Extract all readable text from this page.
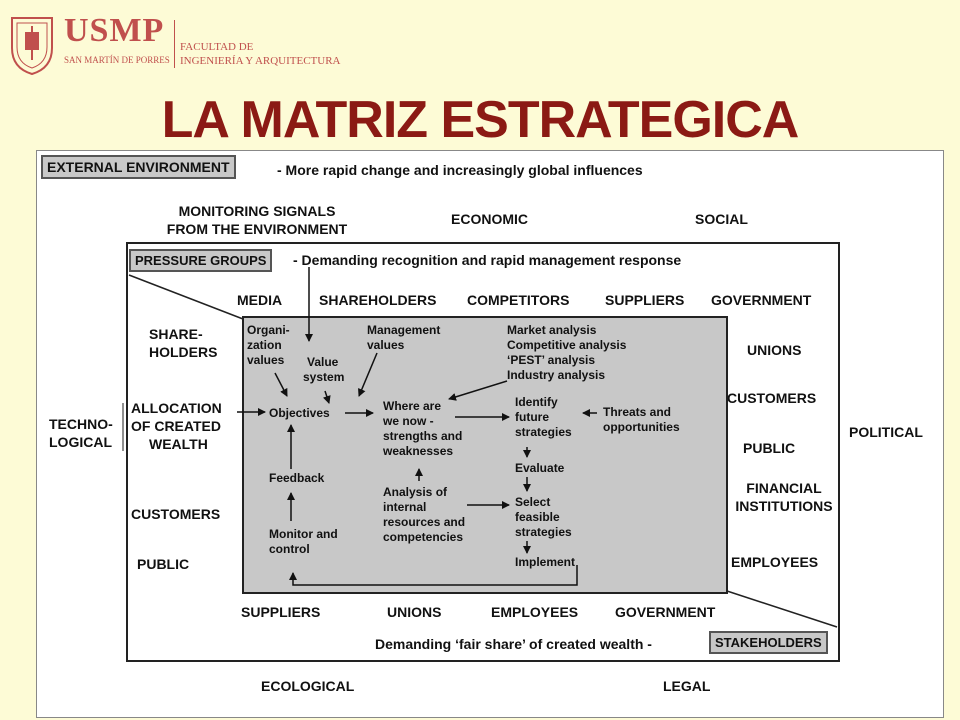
USMP
SAN MARTÍN DE PORRES
FACULTAD DE
INGENIERÍA Y ARQUITECTURA
LA MATRIZ ESTRATEGICA
EXTERNAL ENVIRONMENT	- More rapid change and increasingly global influences
MONITORING SIGNALS
FROM THE ENVIRONMENT
ECONOMIC	SOCIAL
TECHNO-
LOGICAL
POLITICAL
ECOLOGICAL	LEGAL
PRESSURE GROUPS	- Demanding recognition and rapid management response
MEDIA	SHAREHOLDERS COMPETITORS	SUPPLIERS GOVERNMENT
SHARE-
HOLDERS
ALLOCATION
OF CREATED
WEALTH
CUSTOMERS
PUBLIC
UNIONS
CUSTOMERS
PUBLIC
FINANCIAL
INSTITUTIONS
EMPLOYEES
SUPPLIERS	UNIONS	EMPLOYEES	GOVERNMENT
Demanding ‘fair share’ of created wealth -	STAKEHOLDERS
Organi-
zation
values	Value
system
Management
values
Market analysis
Competitive analysis
‘PEST’ analysis
Industry analysis
Objectives	Where are
we now -
strengths and
weaknesses
Identify
future
strategies
Threats and
opportunities
Feedback
Evaluate
Analysis of
internal
resources and
competencies
Select
feasible
strategies
Monitor and
control
Implement
